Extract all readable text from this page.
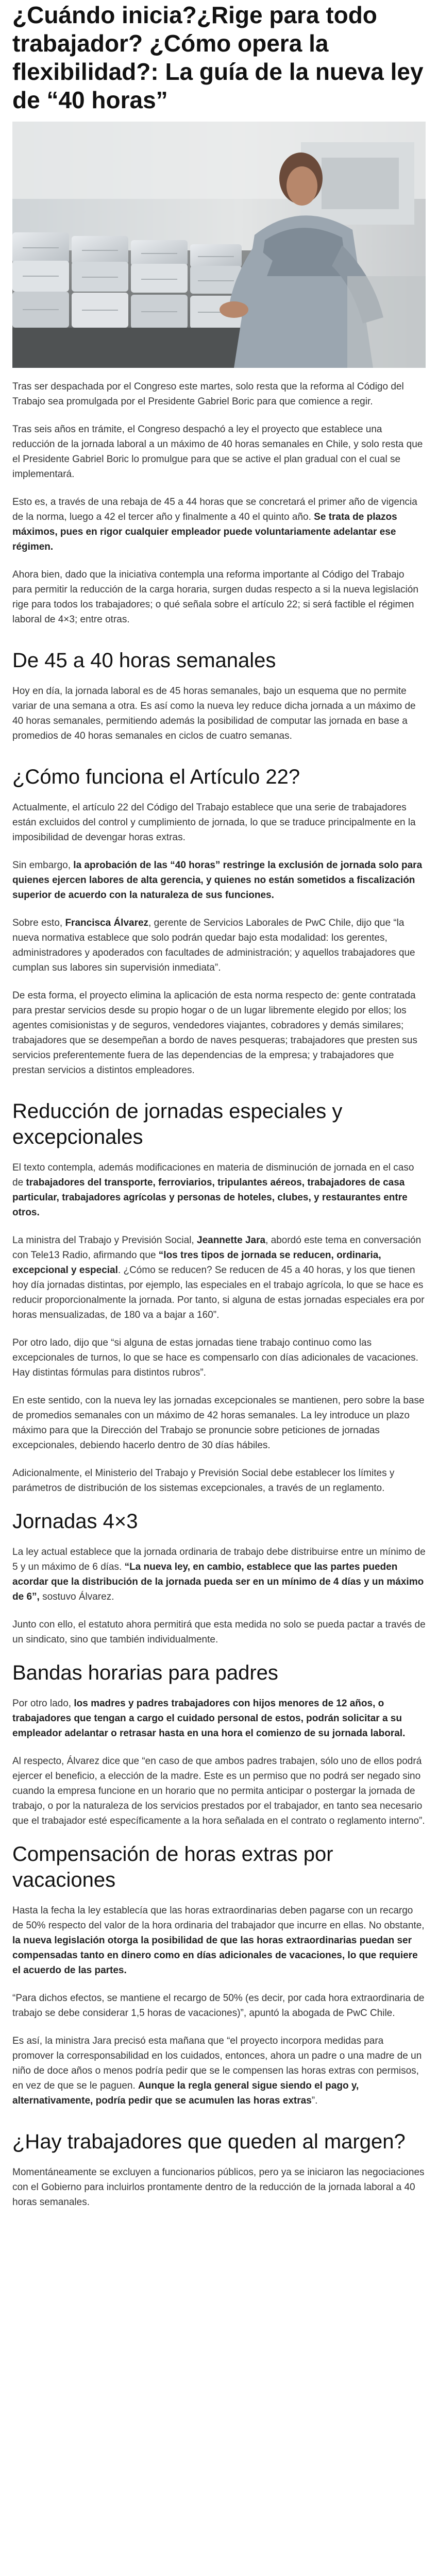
¿Cuándo inicia?¿Rige para todo trabajador? ¿Cómo opera la flexibilidad?: La guía de la nueva ley de “40 horas”

Tras ser despachada por el Congreso este martes, solo resta que la reforma al Código del Trabajo sea promulgada por el Presidente Gabriel Boric para que comience a regir.

Tras seis años en trámite, el Congreso despachó a ley el proyecto que establece una reducción de la jornada laboral a un máximo de 40 horas semanales en Chile, y solo resta que el Presidente Gabriel Boric lo promulgue para que se active el plan gradual con el cual se implementará.

Esto es, a través de una rebaja de 45 a 44 horas que se concretará el primer año de vigencia de la norma, luego a 42 el tercer año y finalmente a 40 el quinto año. Se trata de plazos máximos, pues en rigor cualquier empleador puede voluntariamente adelantar ese régimen.

Ahora bien, dado que la iniciativa contempla una reforma importante al Código del Trabajo para permitir la reducción de la carga horaria, surgen dudas respecto a si la nueva legislación rige para todos los trabajadores; o qué señala sobre el artículo 22; si será factible el régimen laboral de 4×3; entre otras.

De 45 a 40 horas semanales

Hoy en día, la jornada laboral es de 45 horas semanales, bajo un esquema que no permite variar de una semana a otra. Es así como la nueva ley reduce dicha jornada a un máximo de 40 horas semanales, permitiendo además la posibilidad de computar las jornada en base a promedios de 40 horas semanales en ciclos de cuatro semanas.

¿Cómo funciona el Artículo 22?

Actualmente, el artículo 22 del Código del Trabajo establece que una serie de trabajadores están excluidos del control y cumplimiento de jornada, lo que se traduce principalmente en la imposibilidad de devengar horas extras.

Sin embargo, la aprobación de las “40 horas” restringe la exclusión de jornada solo para quienes ejercen labores de alta gerencia, y quienes no están sometidos a fiscalización superior de acuerdo con la naturaleza de sus funciones.

Sobre esto, Francisca Álvarez, gerente de Servicios Laborales de PwC Chile, dijo que “la nueva normativa establece que solo podrán quedar bajo esta modalidad: los gerentes, administradores y apoderados con facultades de administración; y aquellos trabajadores que cumplan sus labores sin supervisión inmediata”.

De esta forma, el proyecto elimina la aplicación de esta norma respecto de: gente contratada para prestar servicios desde su propio hogar o de un lugar libremente elegido por ellos; los agentes comisionistas y de seguros, vendedores viajantes, cobradores y demás similares; trabajadores que se desempeñan a bordo de naves pesqueras; trabajadores que presten sus servicios preferentemente fuera de las dependencias de la empresa; y trabajadores que prestan servicios a distintos empleadores.

Reducción de jornadas especiales y excepcionales

El texto contempla, además modificaciones en materia de disminución de jornada en el caso de trabajadores del transporte, ferroviarios, tripulantes aéreos, trabajadores de casa particular, trabajadores agrícolas y personas de hoteles, clubes, y restaurantes entre otros.

La ministra del Trabajo y Previsión Social, Jeannette Jara, abordó este tema en conversación con Tele13 Radio, afirmando que “los tres tipos de jornada se reducen, ordinaria, excepcional y especial. ¿Cómo se reducen? Se reducen de 45 a 40 horas, y los que tienen hoy día jornadas distintas, por ejemplo, las especiales en el trabajo agrícola, lo que se hace es reducir proporcionalmente la jornada. Por tanto, si alguna de estas jornadas especiales era por horas mensualizadas, de 180 va a bajar a 160”.

Por otro lado, dijo que “si alguna de estas jornadas tiene trabajo continuo como las excepcionales de turnos, lo que se hace es compensarlo con días adicionales de vacaciones. Hay distintas fórmulas para distintos rubros”.

En este sentido, con la nueva ley las jornadas excepcionales se mantienen, pero sobre la base de promedios semanales con un máximo de 42 horas semanales. La ley introduce un plazo máximo para que la Dirección del Trabajo se pronuncie sobre peticiones de jornadas excepcionales, debiendo hacerlo dentro de 30 días hábiles.

Adicionalmente, el Ministerio del Trabajo y Previsión Social debe establecer los límites y parámetros de distribución de los sistemas excepcionales, a través de un reglamento.

Jornadas 4×3

La ley actual establece que la jornada ordinaria de trabajo debe distribuirse entre un mínimo de 5 y un máximo de 6 días. “La nueva ley, en cambio, establece que las partes pueden acordar que la distribución de la jornada pueda ser en un mínimo de 4 días y un máximo de 6”, sostuvo Álvarez.

Junto con ello, el estatuto ahora permitirá que esta medida no solo se pueda pactar a través de un sindicato, sino que también individualmente.

Bandas horarias para padres

Por otro lado, los madres y padres trabajadores con hijos menores de 12 años, o trabajadores que tengan a cargo el cuidado personal de estos, podrán solicitar a su empleador adelantar o retrasar hasta en una hora el comienzo de su jornada laboral.

Al respecto, Álvarez dice que “en caso de que ambos padres trabajen, sólo uno de ellos podrá ejercer el beneficio, a elección de la madre. Este es un permiso que no podrá ser negado sino cuando la empresa funcione en un horario que no permita anticipar o postergar la jornada de trabajo, o por la naturaleza de los servicios prestados por el trabajador, en tanto sea necesario que el trabajador esté específicamente a la hora señalada en el contrato o reglamento interno”.

Compensación de horas extras por vacaciones

Hasta la fecha la ley establecía que las horas extraordinarias deben pagarse con un recargo de 50% respecto del valor de la hora ordinaria del trabajador que incurre en ellas. No obstante, la nueva legislación otorga la posibilidad de que las horas extraordinarias puedan ser compensadas tanto en dinero como en días adicionales de vacaciones, lo que requiere el acuerdo de las partes.

“Para dichos efectos, se mantiene el recargo de 50% (es decir, por cada hora extraordinaria de trabajo se debe considerar 1,5 horas de vacaciones)”, apuntó la abogada de PwC Chile.

Es así, la ministra Jara precisó esta mañana que “el proyecto incorpora medidas para promover la corresponsabilidad en los cuidados, entonces, ahora un padre o una madre de un niño de doce años o menos podría pedir que se le compensen las horas extras con permisos, en vez de que se le paguen. Aunque la regla general sigue siendo el pago y, alternativamente, podría pedir que se acumulen las horas extras”.

¿Hay trabajadores que queden al margen?

Momentáneamente se excluyen a funcionarios públicos, pero ya se iniciaron las negociaciones con el Gobierno para incluirlos prontamente dentro de la reducción de la jornada laboral a 40 horas semanales.
